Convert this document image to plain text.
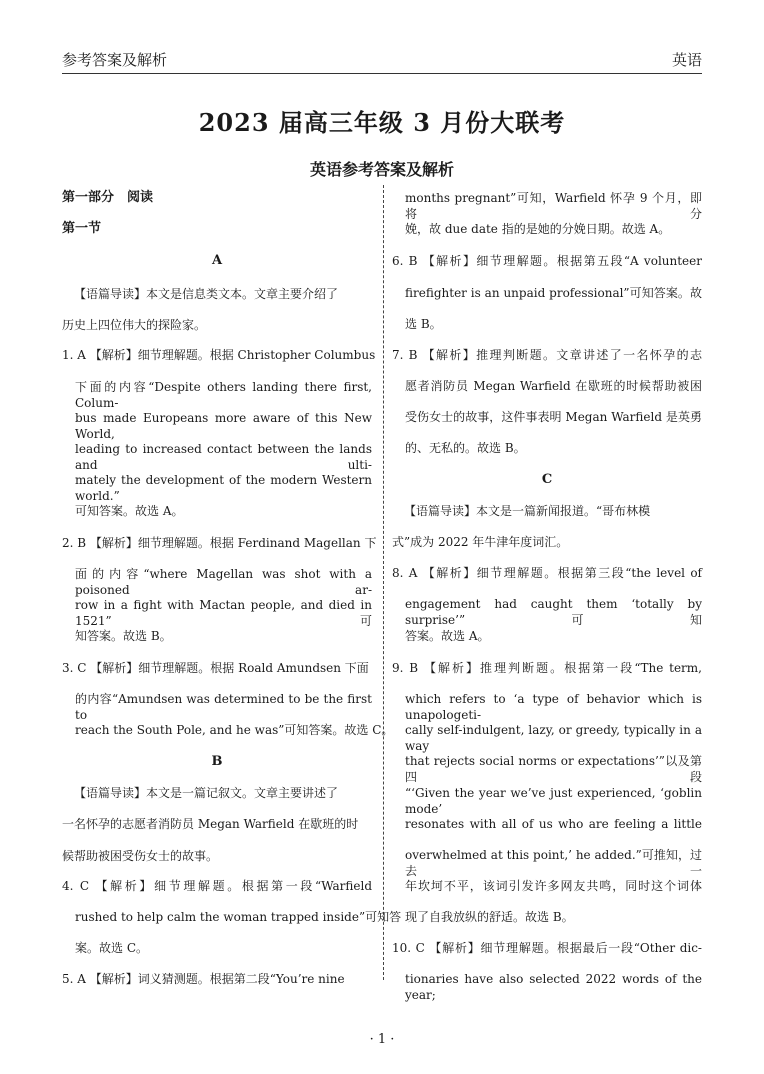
参考答案及解析	英语
2023 届高三年级 3 月份大联考
英语参考答案及解析
第一部分　阅读
第一节
A
【语篇导读】本文是信息类文本。文章主要介绍了
历史上四位伟大的探险家。
1. A 【解析】细节理解题。根据 Christopher Columbus
下面的内容“Despite others landing there first, Colum-
bus made Europeans more aware of this New World,
leading to increased contact between the lands and ulti-
mately the development of the modern Western world.”
可知答案。故选 A。
2. B 【解析】细节理解题。根据 Ferdinand Magellan 下
面的内容“where Magellan was shot with a poisoned ar-
row in a fight with Mactan people, and died in 1521”可
知答案。故选 B。
3. C 【解析】细节理解题。根据 Roald Amundsen 下面
的内容“Amundsen was determined to be the first to
reach the South Pole, and he was”可知答案。故选 C。
B
【语篇导读】本文是一篇记叙文。文章主要讲述了
一名怀孕的志愿者消防员 Megan Warfield 在歇班的时
候帮助被困受伤女士的故事。
4. C 【解析】细节理解题。根据第一段“Warfield
rushed to help calm the woman trapped inside”可知答
案。故选 C。
5. A 【解析】词义猜测题。根据第二段“You’re nine
months pregnant”可知，Warfield 怀孕 9 个月，即将分
娩，故 due date 指的是她的分娩日期。故选 A。
6. B 【解析】细节理解题。根据第五段“A volunteer
firefighter is an unpaid professional”可知答案。故
选 B。
7. B 【解析】推理判断题。文章讲述了一名怀孕的志
愿者消防员 Megan Warfield 在歇班的时候帮助被困
受伤女士的故事，这件事表明 Megan Warfield 是英勇
的、无私的。故选 B。
C
【语篇导读】本文是一篇新闻报道。“哥布林模
式”成为 2022 年牛津年度词汇。
8. A 【解析】细节理解题。根据第三段“the level of
engagement had caught them ‘totally by surprise’”可知
答案。故选 A。
9. B 【解析】推理判断题。根据第一段“The term,
which refers to ‘a type of behavior which is unapologeti-
cally self-indulgent, lazy, or greedy, typically in a way
that rejects social norms or expectations’”以及第四段
“‘Given the year we’ve just experienced, ‘goblin mode’
resonates with all of us who are feeling a little
overwhelmed at this point,’ he added.”可推知，过去一
年坎坷不平，该词引发许多网友共鸣，同时这个词体
现了自我放纵的舒适。故选 B。
10. C 【解析】细节理解题。根据最后一段“Other dic-
tionaries have also selected 2022 words of the year;
· 1 ·
